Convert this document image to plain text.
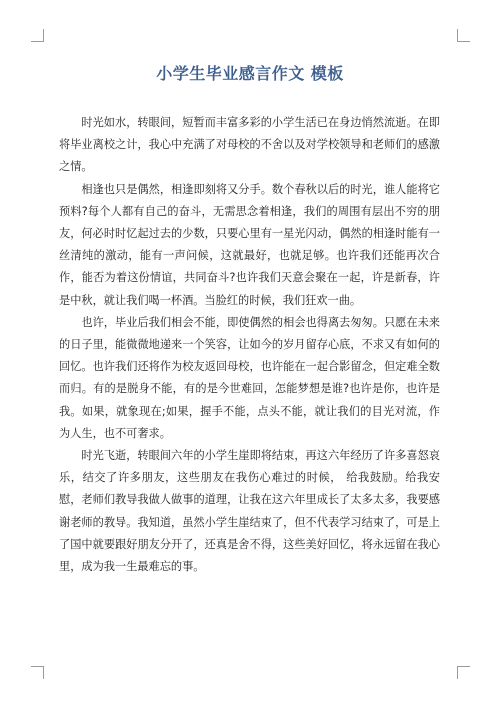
小学生毕业感言作文 模板

时光如水，转眼间，短暂而丰富多彩的小学生活已在身边悄然流逝。在即将毕业离校之计，我心中充满了对母校的不舍以及对学校领导和老师们的感激之情。

相逢也只是偶然，相逢即刻将又分手。数个春秋以后的时光，谁人能将它预料?每个人都有自己的奋斗，无需思念着相逢，我们的周围有层出不穷的朋友，何必时时忆起过去的少数，只要心里有一星光闪动，偶然的相逢时能有一丝清纯的激动，能有一声问候，这就最好，也就足够。也许我们还能再次合作，能否为着这份情谊，共同奋斗?也许我们天意会聚在一起，许是新春，许是中秋，就让我们喝一杯酒。当脸红的时候，我们狂欢一曲。

也许，毕业后我们相会不能，即使偶然的相会也得离去匆匆。只愿在未来的日子里，能微微地递来一个笑容，让如今的岁月留存心底，不求又有如何的回忆。也许我们还将作为校友返回母校，也许能在一起合影留念，但定难全数而归。有的是脱身不能，有的是今世难回，怎能梦想是谁?也许是你，也许是我。如果，就象现在;如果，握手不能，点头不能，就让我们的目光对流，作为人生，也不可奢求。

时光飞逝，转眼间六年的小学生崖即将结束，再这六年经历了许多喜怒哀乐，结交了许多朋友，这些朋友在我伤心难过的时候， 给我鼓励。给我安慰，老师们教导我做人做事的道理，让我在这六年里成长了太多太多，我要感谢老师的教导。我知道，虽然小学生崖结束了，但不代表学习结束了，可是上了国中就要跟好朋友分开了，还真是舍不得，这些美好回忆，将永远留在我心里，成为我一生最难忘的事。
